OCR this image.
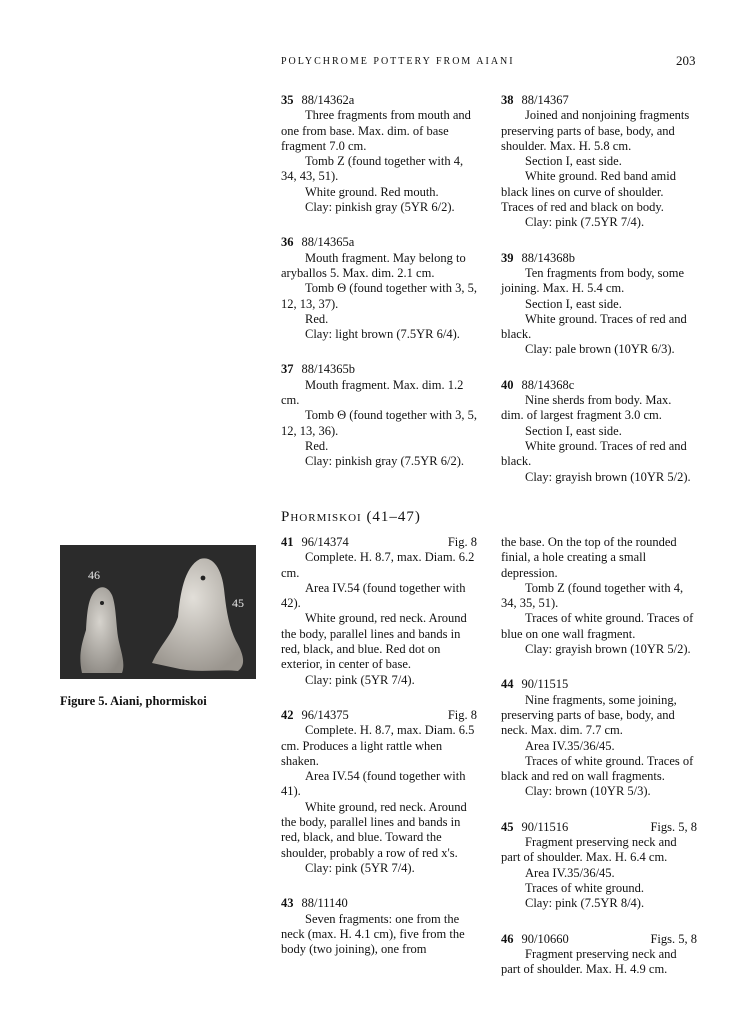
POLYCHROME POTTERY FROM AIANI	203

35 88/14362a

Three fragments from mouth and one from base. Max. dim. of base fragment 7.0 cm.

Tomb Z (found together with 4, 34, 43, 51).

White ground. Red mouth.

Clay: pinkish gray (5YR 6/2).

36 88/14365a

Mouth fragment. May belong to aryballos 5. Max. dim. 2.1 cm.

Tomb Θ (found together with 3, 5, 12, 13, 37).

Red.

Clay: light brown (7.5YR 6/4).

37 88/14365b

Mouth fragment. Max. dim. 1.2 cm.

Tomb Θ (found together with 3, 5, 12, 13, 36).

Red.

Clay: pinkish gray (7.5YR 6/2).

38 88/14367

Joined and nonjoining fragments preserving parts of base, body, and shoulder. Max. H. 5.8 cm.

Section I, east side.

White ground. Red band amid black lines on curve of shoulder. Traces of red and black on body.

Clay: pink (7.5YR 7/4).

39 88/14368b

Ten fragments from body, some joining. Max. H. 5.4 cm.

Section I, east side.

White ground. Traces of red and black.

Clay: pale brown (10YR 6/3).

40 88/14368c

Nine sherds from body. Max. dim. of largest fragment 3.0 cm.

Section I, east side.

White ground. Traces of red and black.

Clay: grayish brown (10YR 5/2).

Phormiskoi (41–47)
46
45
Figure 5. Aiani, phormiskoi

41 96/14374	Fig. 8

Complete. H. 8.7, max. Diam. 6.2 cm.

Area IV.54 (found together with 42).

White ground, red neck. Around the body, parallel lines and bands in red, black, and blue. Red dot on exterior, in center of base.

Clay: pink (5YR 7/4).

42 96/14375	Fig. 8

Complete. H. 8.7, max. Diam. 6.5 cm. Produces a light rattle when shaken.

Area IV.54 (found together with 41).

White ground, red neck. Around the body, parallel lines and bands in red, black, and blue. Toward the shoulder, probably a row of red x's.

Clay: pink (5YR 7/4).

43 88/11140

Seven fragments: one from the neck (max. H. 4.1 cm), five from the body (two joining), one from

the base. On the top of the rounded finial, a hole creating a small depression.

Tomb Z (found together with 4, 34, 35, 51).

Traces of white ground. Traces of blue on one wall fragment.

Clay: grayish brown (10YR 5/2).

44 90/11515

Nine fragments, some joining, preserving parts of base, body, and neck. Max. dim. 7.7 cm.

Area IV.35/36/45.

Traces of white ground. Traces of black and red on wall fragments.

Clay: brown (10YR 5/3).

45 90/11516	Figs. 5, 8

Fragment preserving neck and part of shoulder. Max. H. 6.4 cm.

Area IV.35/36/45.

Traces of white ground.

Clay: pink (7.5YR 8/4).

46 90/10660	Figs. 5, 8

Fragment preserving neck and part of shoulder. Max. H. 4.9 cm.
